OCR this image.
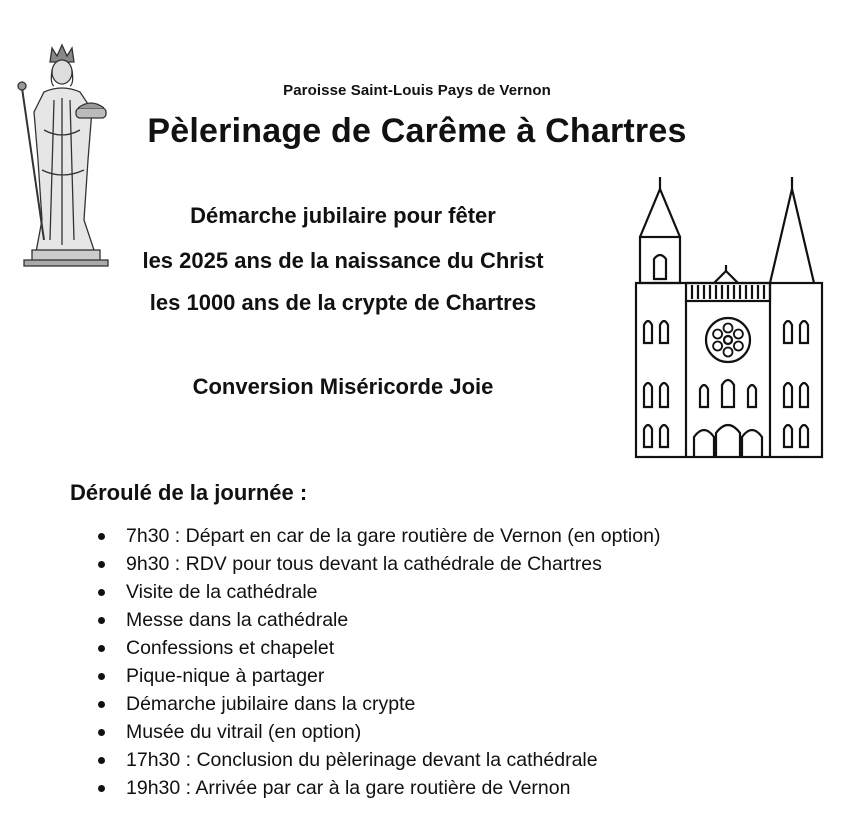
Paroisse Saint-Louis Pays de Vernon
Pèlerinage de Carême à Chartres
Démarche jubilaire pour fêter
les 2025 ans de la naissance du Christ
les 1000 ans de la crypte de Chartres
Conversion Miséricorde Joie
Déroulé de la journée :
7h30 : Départ en car de la gare routière de Vernon (en option)
9h30 : RDV pour tous devant la cathédrale de Chartres
Visite de la cathédrale
Messe dans la cathédrale
Confessions et chapelet
Pique-nique à partager
Démarche jubilaire dans la crypte
Musée du vitrail (en option)
17h30 : Conclusion du pèlerinage devant la cathédrale
19h30 : Arrivée par car à la gare routière de Vernon
